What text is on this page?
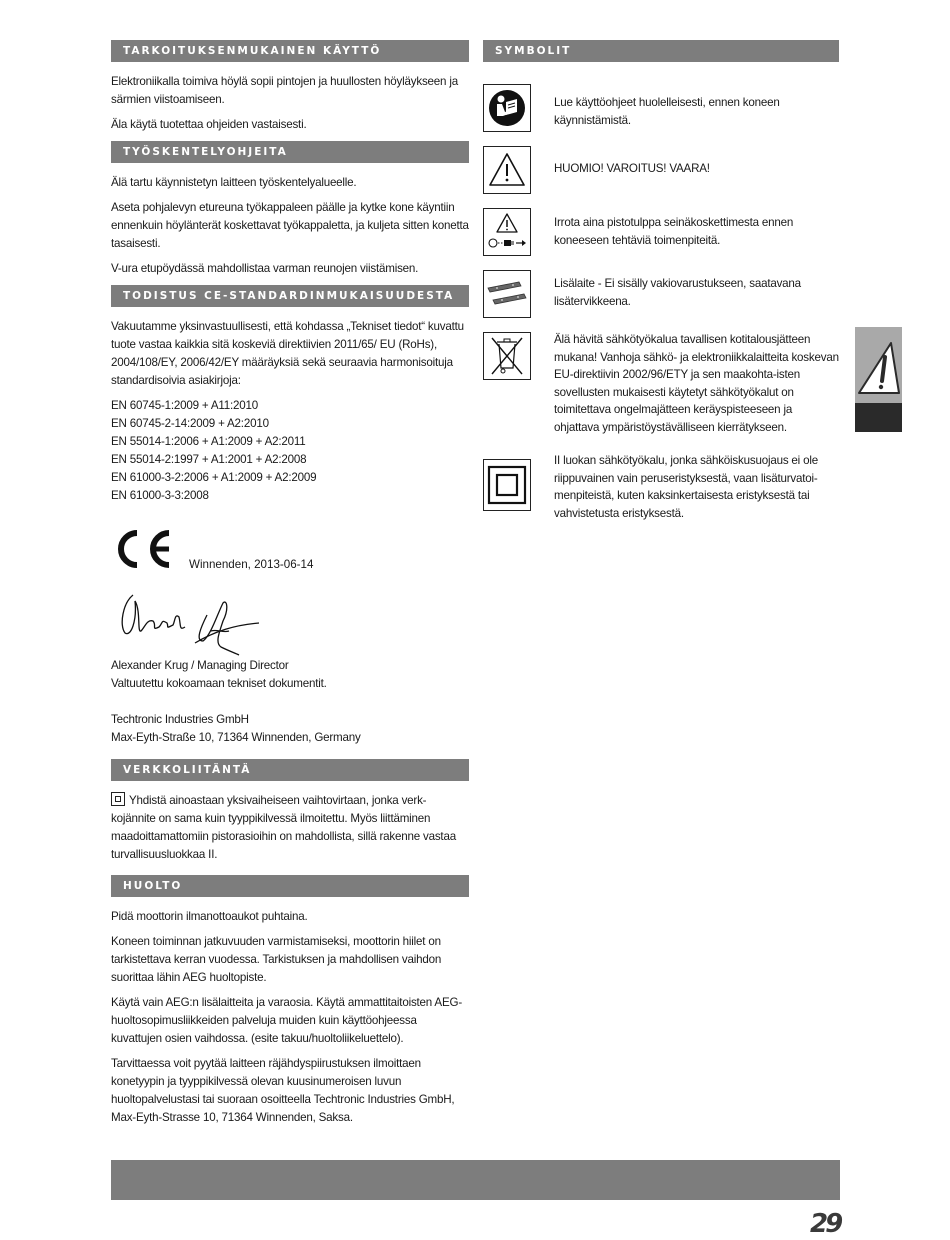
TARKOITUKSENMUKAINEN KÄYTTÖ

Elektroniikalla toimiva höylä sopii pintojen ja huullosten höyläykseen ja särmien viistoamiseen.

Äla käytä tuotettaa ohjeiden vastaisesti.

TYÖSKENTELYOHJEITA

Älä tartu käynnistetyn laitteen työskentelyalueelle.

Aseta pohjalevyn etureuna työkappaleen päälle ja kytke kone käyntiin ennenkuin höylänterät koskettavat työkappaletta, ja kuljeta sitten konetta tasaisesti.

V-ura etupöydässä mahdollistaa varman reunojen viistämisen.

TODISTUS CE-STANDARDINMUKAISUUDESTA

Vakuutamme yksinvastuullisesti, että kohdassa „Tekniset tiedot“ kuvattu tuote vastaa kaikkia sitä koskeviä direktiivien 2011/65/ EU (RoHs), 2004/108/EY, 2006/42/EY määräyksiä sekä seuraavia harmonisoituja standardisoivia asiakirjoja:

EN 60745-1:2009 + A11:2010
EN 60745-2-14:2009 + A2:2010
EN 55014-1:2006 + A1:2009 + A2:2011
EN 55014-2:1997 + A1:2001 + A2:2008
EN 61000-3-2:2006 + A1:2009 + A2:2009
EN 61000-3-3:2008
Winnenden, 2013-06-14
Alexander Krug / Managing Director
Valtuutettu kokoamaan tekniset dokumentit.
Techtronic Industries GmbH
Max-Eyth-Straße 10, 71364 Winnenden, Germany
VERKKOLIITÄNTÄ

Yhdistä ainoastaan yksivaiheiseen vaihtovirtaan, jonka verk-kojännite on sama kuin tyyppikilvessä ilmoitettu. Myös liittäminen maadoittamattomiin pistorasioihin on mahdollista, sillä rakenne vastaa turvallisuusluokkaa II.

HUOLTO

Pidä moottorin ilmanottoaukot puhtaina.

Koneen toiminnan jatkuvuuden varmistamiseksi, moottorin hiilet on tarkistettava kerran vuodessa. Tarkistuksen ja mahdollisen vaihdon suorittaa lähin AEG huoltopiste.

Käytä vain AEG:n lisälaitteita ja varaosia. Käytä ammattitaitoisten AEG-huoltosopimusliikkeiden palveluja muiden kuin käyttöohjeessa kuvattujen osien vaihdossa. (esite takuu/huoltoliikeluettelo).

Tarvittaessa voit pyytää laitteen räjähdyspiirustuksen ilmoittaen konetyypin ja tyyppikilvessä olevan kuusinumeroisen luvun huoltopalvelustasi tai suoraan osoitteella Techtronic Industries GmbH, Max-Eyth-Strasse 10, 71364 Winnenden, Saksa.

SYMBOLIT
Lue käyttöohjeet huolelleisesti, ennen koneen käynnistämistä.
HUOMIO! VAROITUS! VAARA!
Irrota aina pistotulppa seinäkoskettimesta ennen koneeseen tehtäviä toimenpiteitä.
Lisälaite - Ei sisälly vakiovarustukseen, saatavana lisätervikkeena.
Älä hävitä sähkötyökalua tavallisen kotitalousjätteen mukana! Vanhoja sähkö- ja elektroniikkalaitteita koskevan EU-direktiivin 2002/96/ETY ja sen maakohta-isten sovellusten mukaisesti käytetyt sähkötyökalut on toimitettava ongelmajätteen keräyspisteeseen ja ohjattava ympäristöystävälliseen kierrätykseen.
II luokan sähkötyökalu, jonka sähköiskusuojaus ei ole riippuvainen vain peruseristyksestä, vaan lisäturvatoi-menpiteistä, kuten kaksinkertaisesta eristyksestä tai vahvistetusta eristyksestä.
29
